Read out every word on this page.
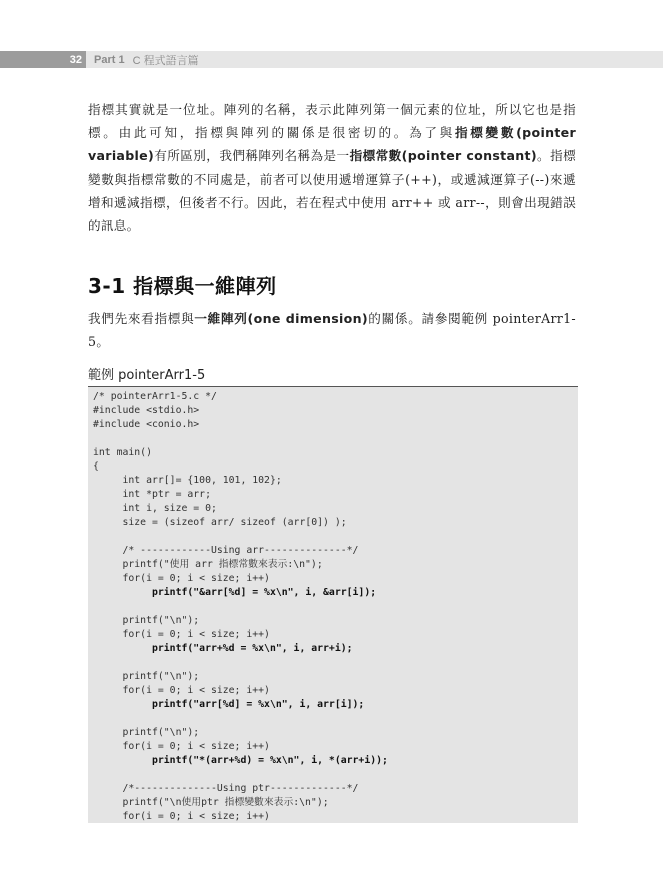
32	Part 1 C 程式語言篇
指標其實就是一位址。陣列的名稱，表示此陣列第一個元素的位址，所以它也是指標。由此可知，指標與陣列的關係是很密切的。為了與指標變數(pointer variable)有所區別，我們稱陣列名稱為是一指標常數(pointer constant)。指標變數與指標常數的不同處是，前者可以使用遞增運算子(++)，或遞減運算子(--)來遞增和遞減指標，但後者不行。因此，若在程式中使用 arr++ 或 arr--，則會出現錯誤的訊息。
3-1 指標與一維陣列
我們先來看指標與一維陣列(one dimension)的關係。請參閱範例 pointerArr1-5。
範例 pointerArr1-5
/* pointerArr1-5.c */
#include <stdio.h>
#include <conio.h>
int main()
{
int arr[]= {100, 101, 102};
int *ptr = arr;
int i, size = 0;
size = (sizeof arr/ sizeof (arr[0]) );
/* ------------Using arr--------------*/
printf("使用 arr 指標常數來表示:\n");
for(i = 0; i < size; i++)
printf("&arr[%d] = %x\n", i, &arr[i]);
printf("\n");
for(i = 0; i < size; i++)
printf("arr+%d = %x\n", i, arr+i);
printf("\n");
for(i = 0; i < size; i++)
printf("arr[%d] = %x\n", i, arr[i]);
printf("\n");
for(i = 0; i < size; i++)
printf("*(arr+%d) = %x\n", i, *(arr+i));
/*--------------Using ptr-------------*/
printf("\n使用ptr 指標變數來表示:\n");
for(i = 0; i < size; i++)
